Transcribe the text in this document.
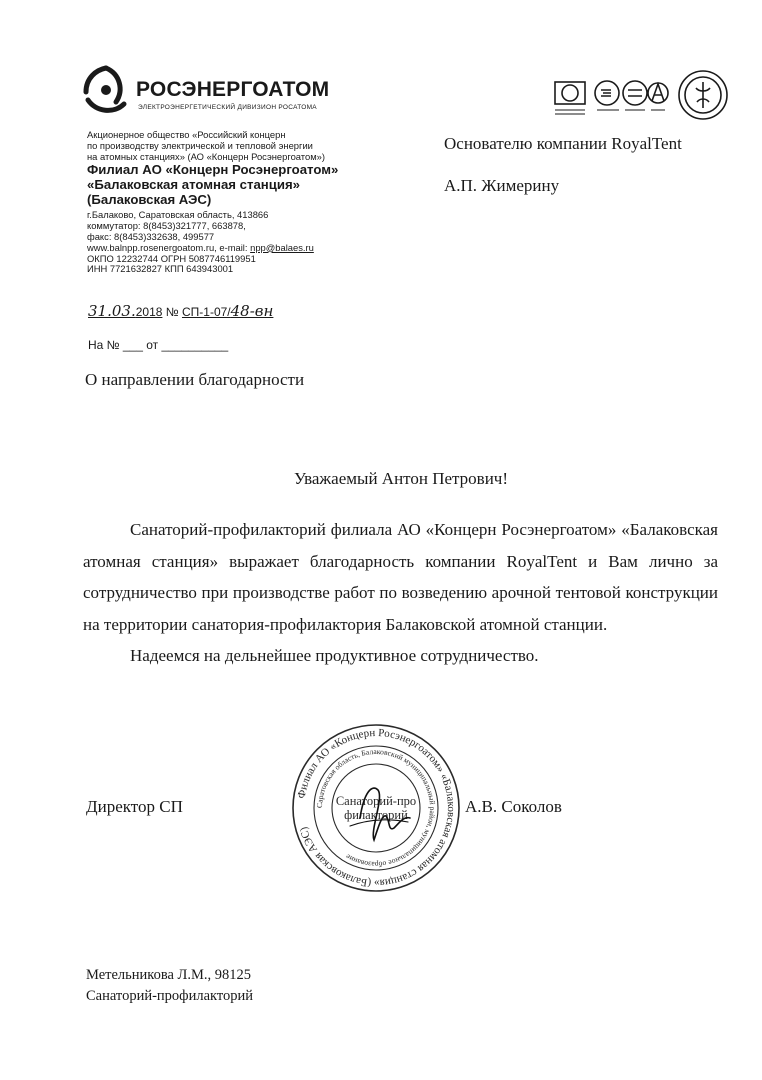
РОСЭНЕРГОАТОМ
ЭЛЕКТРОЭНЕРГЕТИЧЕСКИЙ ДИВИЗИОН РОСАТОМА
Акционерное общество «Российский концерн
по производству электрической и тепловой энергии
на атомных станциях» (АО «Концерн Росэнергоатом»)
Филиал АО «Концерн Росэнергоатом»
«Балаковская атомная станция»
(Балаковская АЭС)
г.Балаково, Саратовская область, 413866
коммутатор: 8(8453)321777, 663878,
факс: 8(8453)332638, 499577
www.balnpp.rosenergoatom.ru, e-mail: npp@balaes.ru
ОКПО 12232744 ОГРН 5087746119951
ИНН 7721632827 КПП 643943001
31.03.2018 № СП-1-07/48-вн
На № ___ от __________
Основателю компании RoyalTent
А.П. Жимерину
О направлении благодарности
Уважаемый Антон Петрович!

Санаторий-профилакторий филиала АО «Концерн Росэнергоатом» «Балаковская атомная станция» выражает благодарность компании RoyalTent и Вам лично за сотрудничество при производстве работ по возведению арочной тентовой конструкции на территории санатория-профилактория Балаковской атомной станции.

Надеемся на дельнейшее продуктивное сотрудничество.

Директор СП	А.В. Соколов
Филиал АО «Концерн Росэнергоатом» «Балаковская атомная станция» (Балаковская АЭС)
Саратовская область, Балаковский муниципальный район, муниципальное образование
Санаторий-профилакторий
Метельникова Л.М., 98125
Санаторий-профилакторий
